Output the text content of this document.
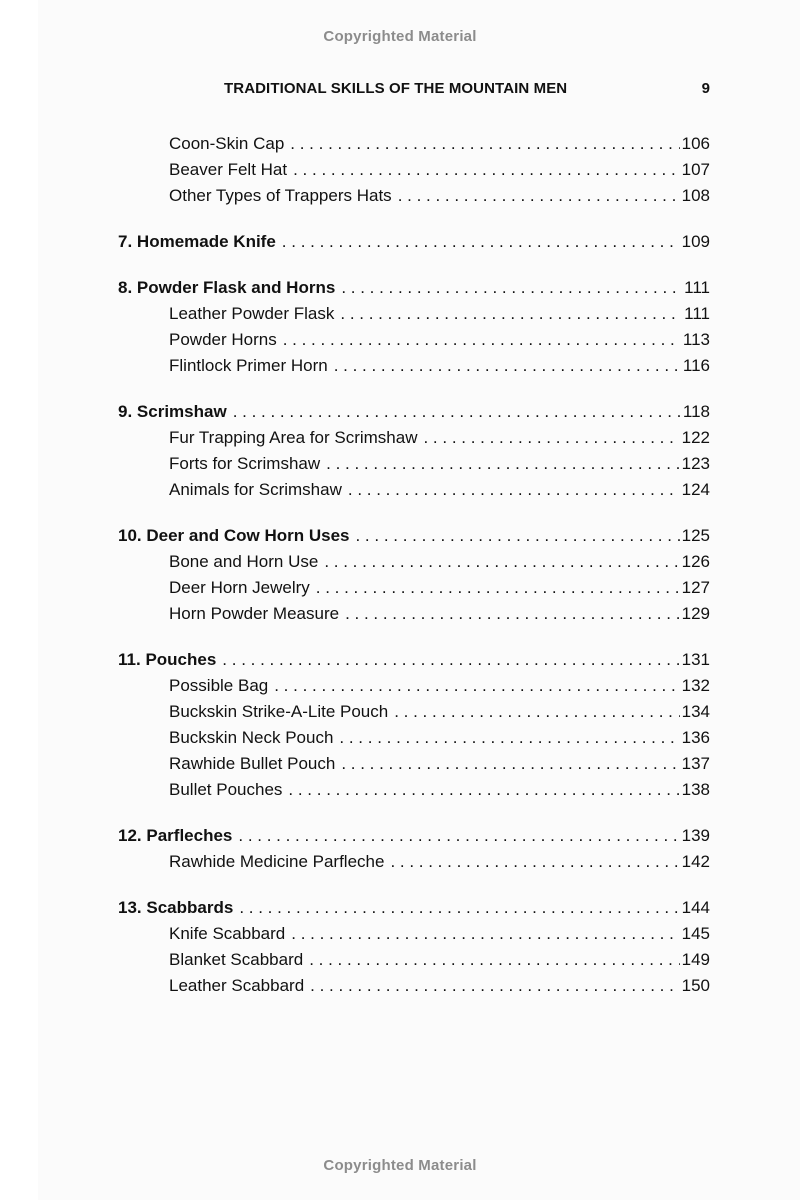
Copyrighted Material
TRADITIONAL SKILLS OF THE MOUNTAIN MEN	9
Coon-Skin Cap . . .	106
Beaver Felt Hat . . .	107
Other Types of Trappers Hats . . .	108
7. Homemade Knife . . .	109
8. Powder Flask and Horns . . .	111
Leather Powder Flask . . .	111
Powder Horns . . .	113
Flintlock Primer Horn . . .	116
9. Scrimshaw . . .	118
Fur Trapping Area for Scrimshaw . . .	122
Forts for Scrimshaw . . .	123
Animals for Scrimshaw . . .	124
10. Deer and Cow Horn Uses . . .	125
Bone and Horn Use . . .	126
Deer Horn Jewelry . . .	127
Horn Powder Measure . . .	129
11. Pouches . . .	131
Possible Bag . . .	132
Buckskin Strike-A-Lite Pouch . . .	134
Buckskin Neck Pouch . . .	136
Rawhide Bullet Pouch . . .	137
Bullet Pouches . . .	138
12. Parfleches . . .	139
Rawhide Medicine Parfleche . . .	142
13. Scabbards . . .	144
Knife Scabbard . . .	145
Blanket Scabbard . . .	149
Leather Scabbard . . .	150
Copyrighted Material
